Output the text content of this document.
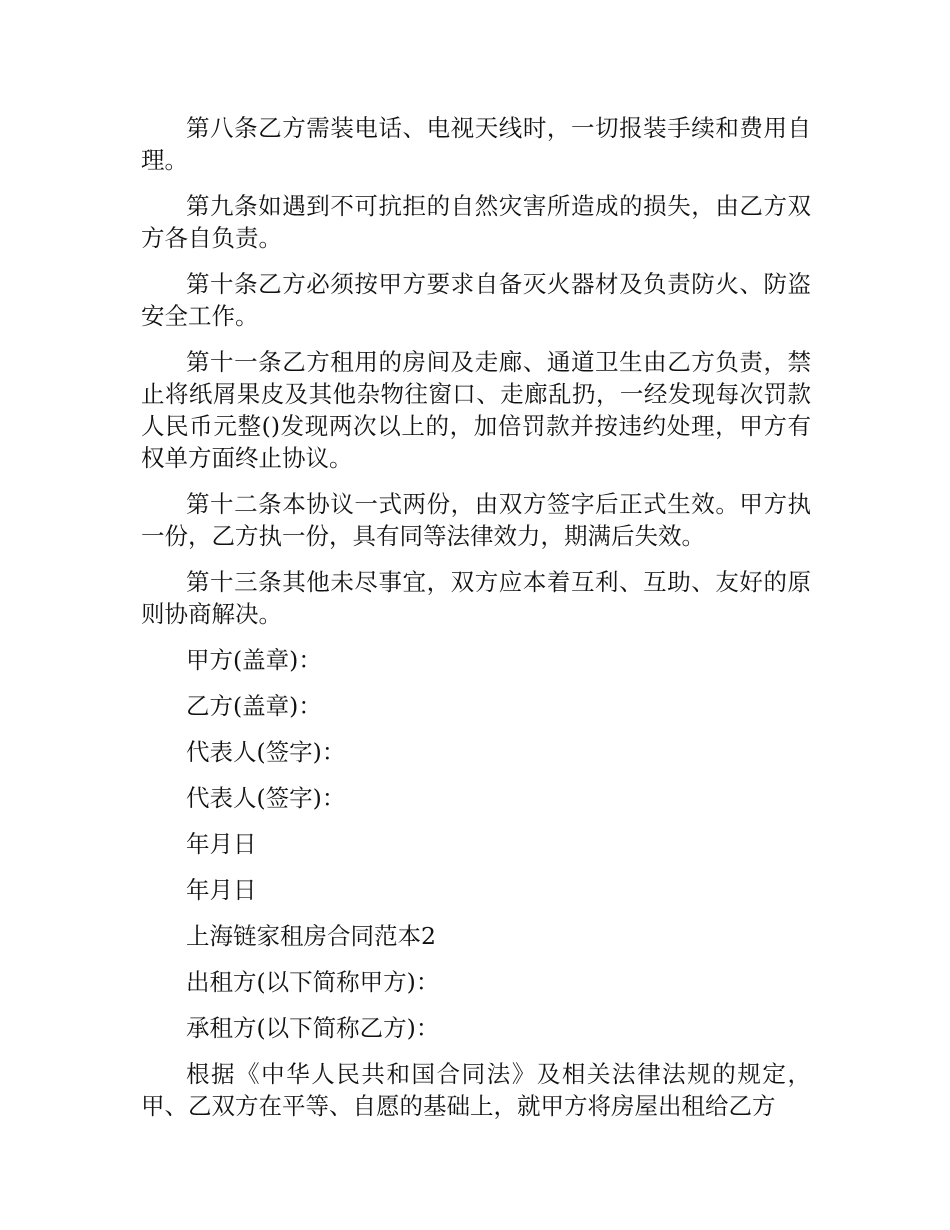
第八条乙方需装电话、电视天线时，一切报装手续和费用自理。

第九条如遇到不可抗拒的自然灾害所造成的损失，由乙方双方各自负责。

第十条乙方必须按甲方要求自备灭火器材及负责防火、防盗安全工作。

第十一条乙方租用的房间及走廊、通道卫生由乙方负责，禁止将纸屑果皮及其他杂物往窗口、走廊乱扔，一经发现每次罚款人民币元整()发现两次以上的，加倍罚款并按违约处理，甲方有权单方面终止协议。

第十二条本协议一式两份，由双方签字后正式生效。甲方执一份，乙方执一份，具有同等法律效力，期满后失效。

第十三条其他未尽事宜，双方应本着互利、互助、友好的原则协商解决。

甲方(盖章)：

乙方(盖章)：

代表人(签字)：

代表人(签字)：

年月日

年月日

上海链家租房合同范本2

出租方(以下简称甲方)：

承租方(以下简称乙方)：

根据《中华人民共和国合同法》及相关法律法规的规定，甲、乙双方在平等、自愿的基础上，就甲方将房屋出租给乙方
